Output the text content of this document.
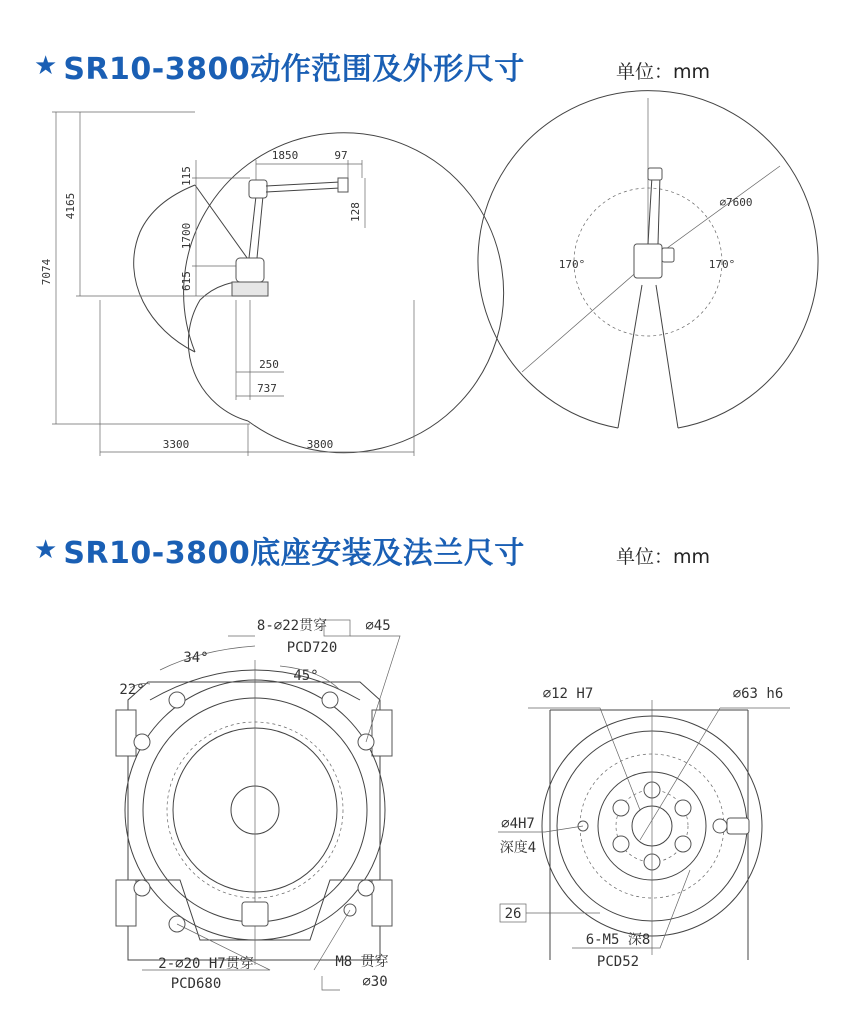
★ SR10-3800动作范围及外形尺寸	单位：mm
★ SR10-3800底座安装及法兰尺寸	单位：mm
1850	97
115
4165	128
1700
7074	615
250
737
3300	3800
∅7600
170°	170°
8-∅22贯穿	∅45
PCD720
34°
45°
22°
2-∅20 H7贯穿
PCD680
M8 贯穿
∅30
∅12 H7	∅63 h6
∅4H7
深度4
26
6-M5 深8
PCD52
